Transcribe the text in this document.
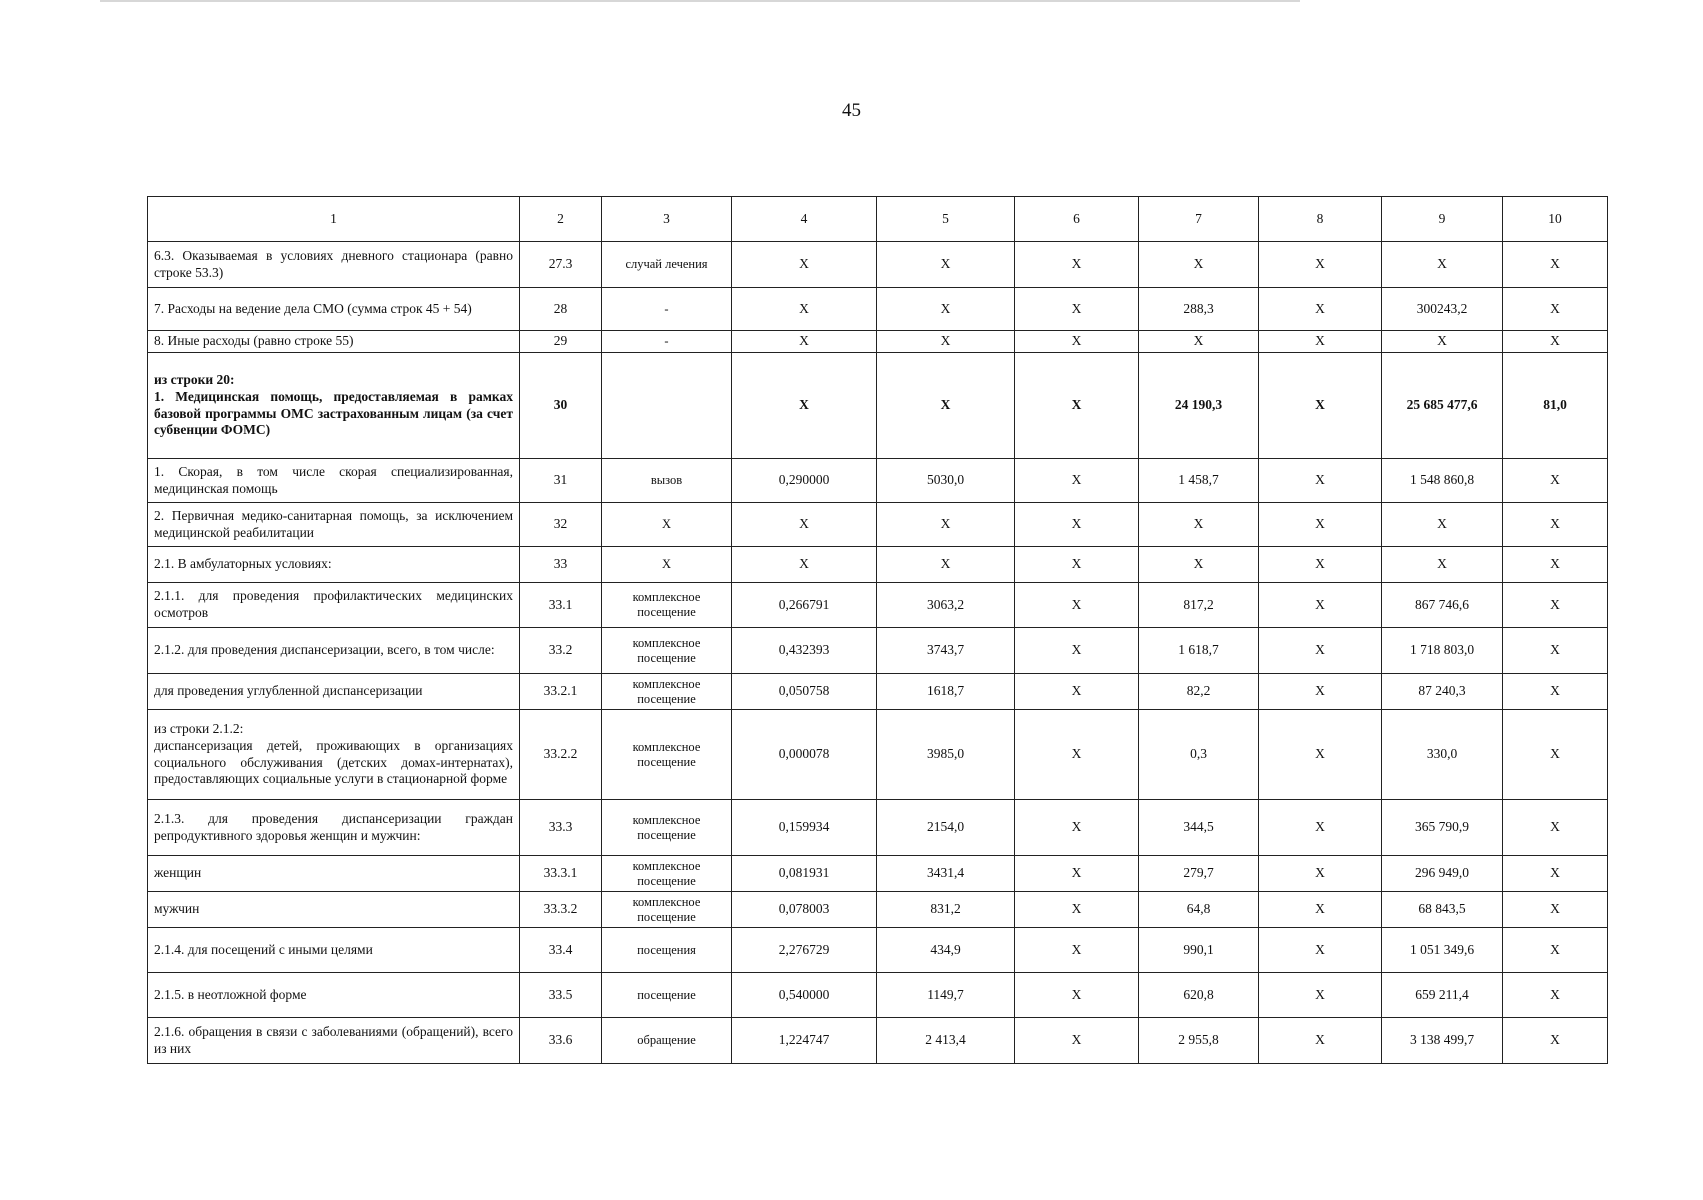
45
1	2	3	4	5	6	7	8	9	10
6.3. Оказываемая в условиях дневного стационара (равно строке 53.3)	27.3	случай лечения	X	X	X	X	X	X	X
7. Расходы на ведение дела СМО (сумма строк 45 + 54)	28	-	X	X	X	288,3	X	300243,2	X
8. Иные расходы (равно строке 55)	29	-	X	X	X	X	X	X	X
из строки 20:
1. Медицинская помощь, предоставляемая в рамках базовой программы ОМС застрахованным лицам (за счет субвенции ФОМС)	30		X	X	X	24 190,3	X	25 685 477,6	81,0
1. Скорая, в том числе скорая специализированная, медицинская помощь	31	вызов	0,290000	5030,0	X	1 458,7	X	1 548 860,8	X
2. Первичная медико-санитарная помощь, за исключением медицинской реабилитации	32	X	X	X	X	X	X	X	X
2.1. В амбулаторных условиях:	33	X	X	X	X	X	X	X	X
2.1.1. для проведения профилактических медицинских осмотров	33.1	комплексное посещение	0,266791	3063,2	X	817,2	X	867 746,6	X
2.1.2. для проведения диспансеризации, всего, в том числе:	33.2	комплексное посещение	0,432393	3743,7	X	1 618,7	X	1 718 803,0	X
для проведения углубленной диспансеризации	33.2.1	комплексное посещение	0,050758	1618,7	X	82,2	X	87 240,3	X
из строки 2.1.2:
диспансеризация детей, проживающих в организациях социального обслуживания (детских домах-интернатах), предоставляющих социальные услуги в стационарной форме	33.2.2	комплексное посещение	0,000078	3985,0	X	0,3	X	330,0	X
2.1.3. для проведения диспансеризации граждан репродуктивного здоровья женщин и мужчин:	33.3	комплексное посещение	0,159934	2154,0	X	344,5	X	365 790,9	X
женщин	33.3.1	комплексное посещение	0,081931	3431,4	X	279,7	X	296 949,0	X
мужчин	33.3.2	комплексное посещение	0,078003	831,2	X	64,8	X	68 843,5	X
2.1.4. для посещений с иными целями	33.4	посещения	2,276729	434,9	X	990,1	X	1 051 349,6	X
2.1.5. в неотложной форме	33.5	посещение	0,540000	1149,7	X	620,8	X	659 211,4	X
2.1.6. обращения в связи с заболеваниями (обращений), всего из них	33.6	обращение	1,224747	2 413,4	X	2 955,8	X	3 138 499,7	X
